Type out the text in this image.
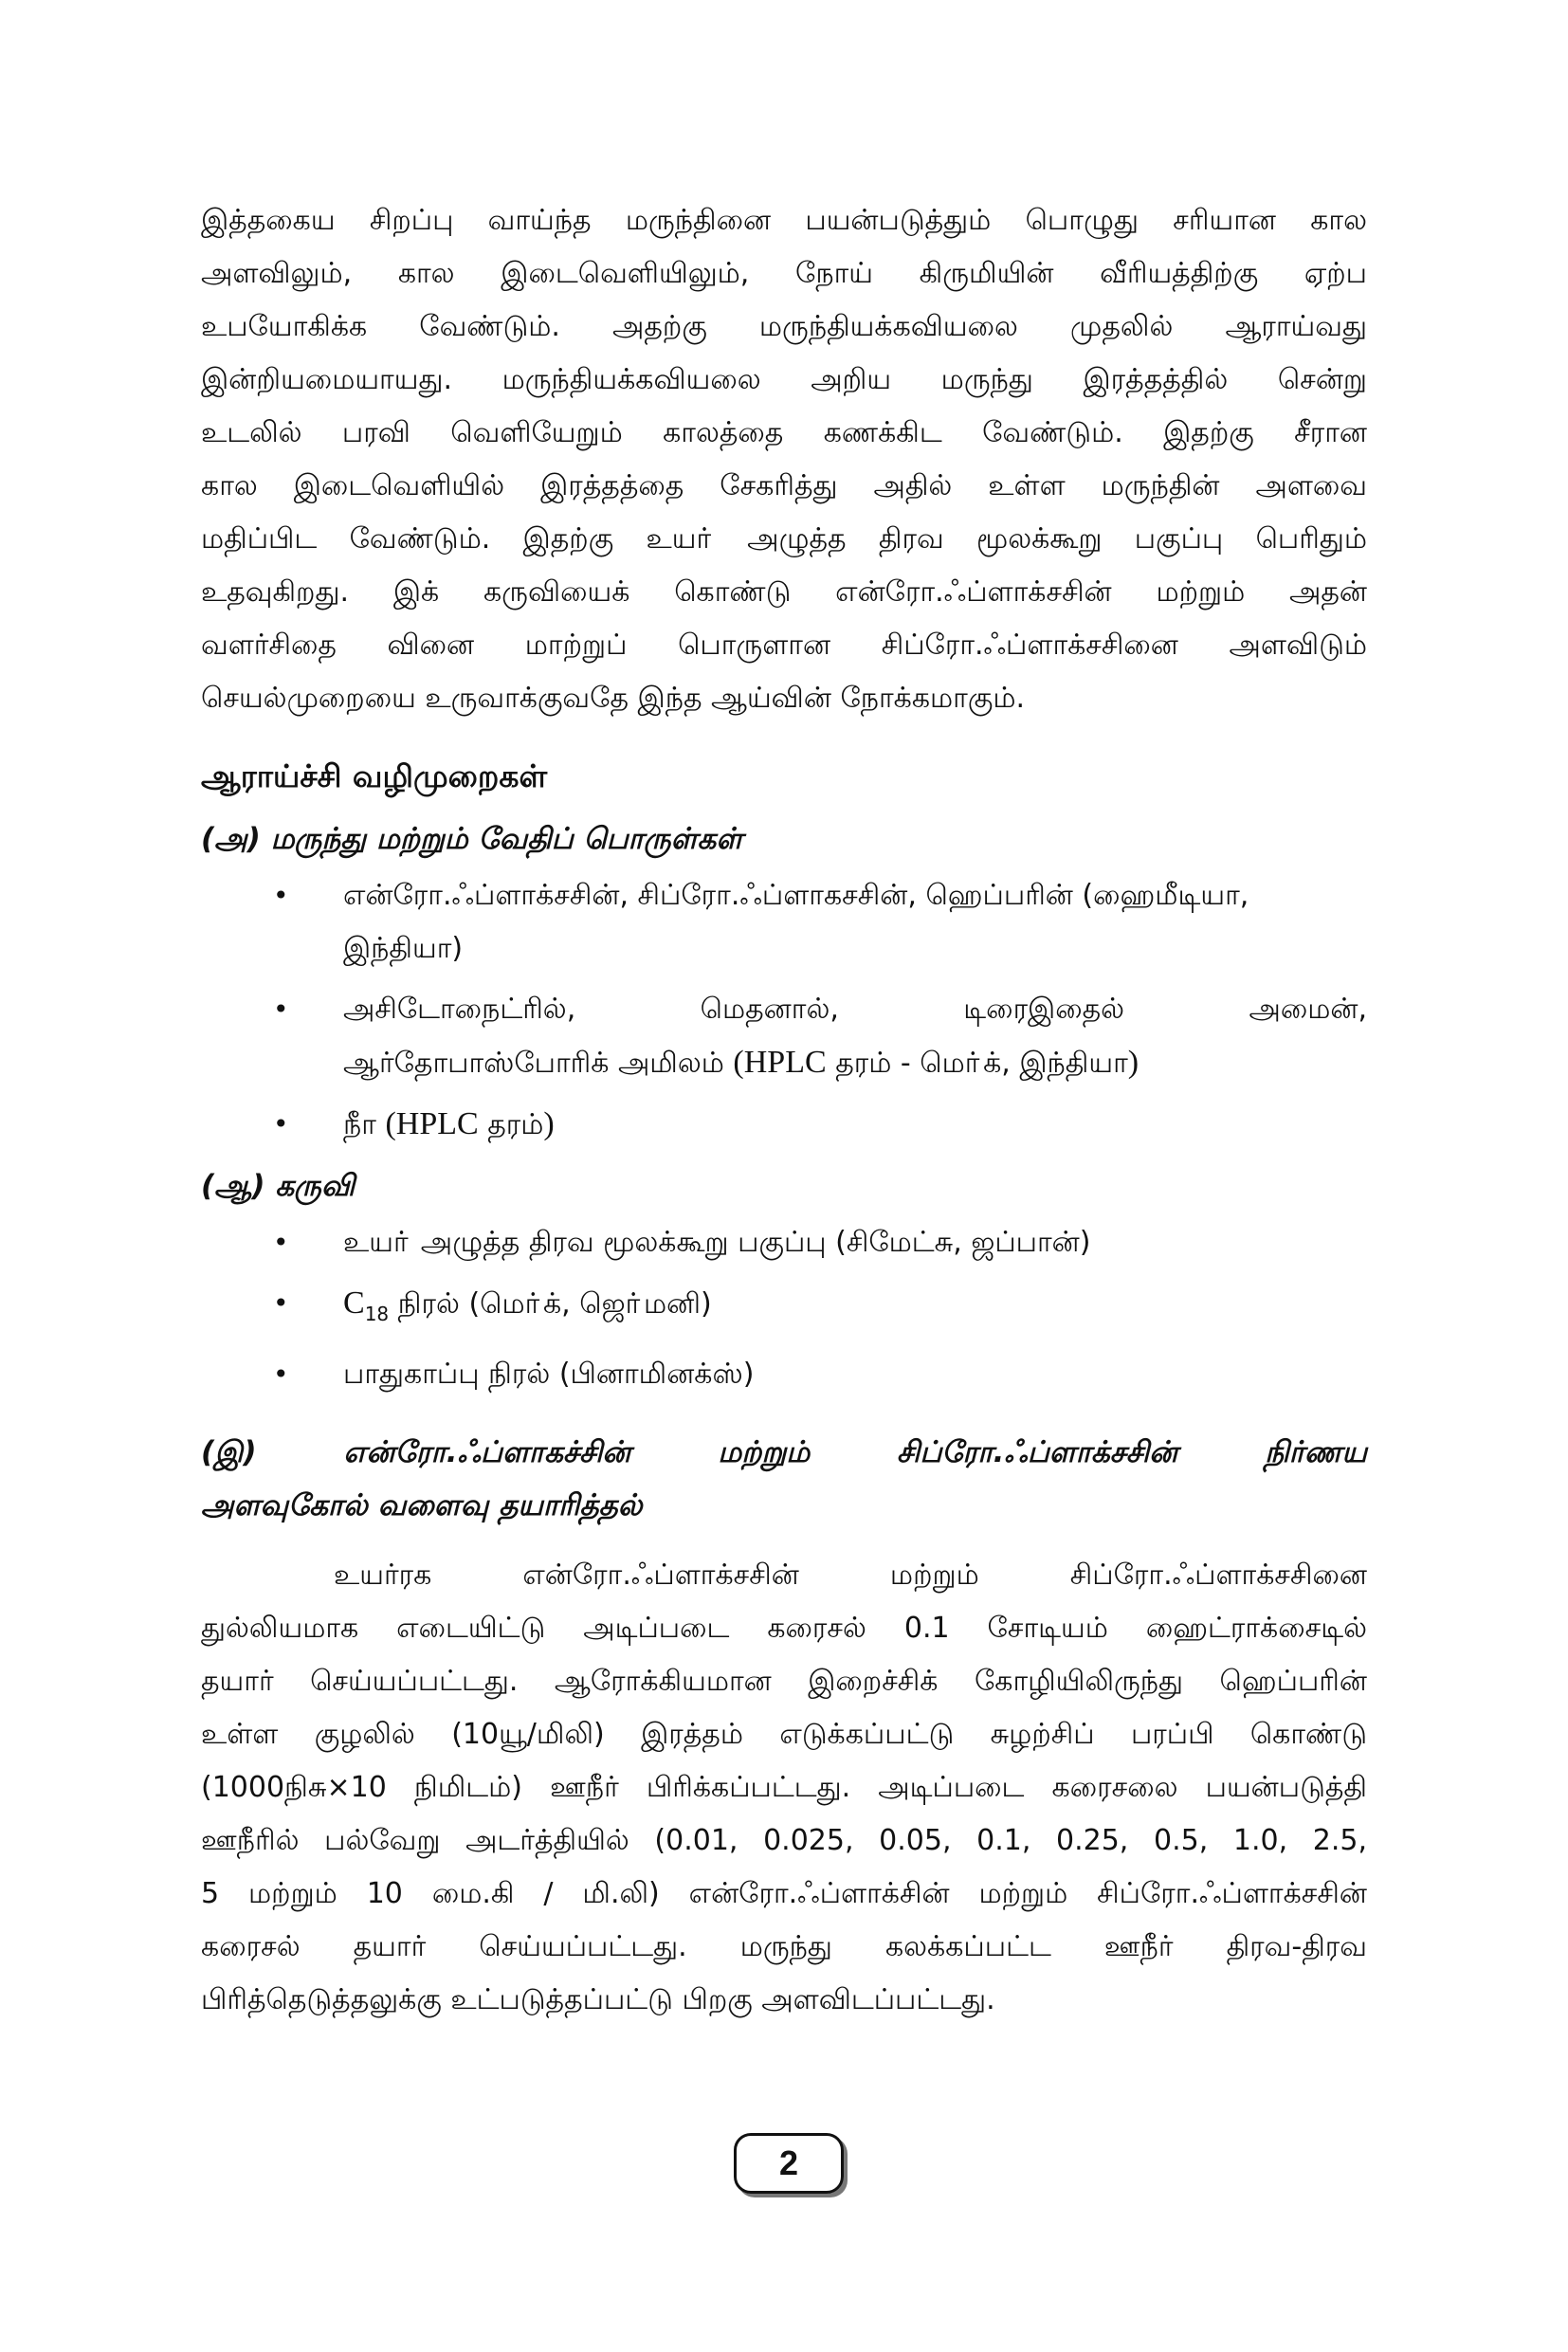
இத்தகைய சிறப்பு வாய்ந்த மருந்தினை பயன்படுத்தும் பொழுது சரியான கால
அளவிலும், கால இடைவெளியிலும், நோய் கிருமியின் வீரியத்திற்கு ஏற்ப
உபயோகிக்க வேண்டும். அதற்கு மருந்தியக்கவியலை முதலில் ஆராய்வது
இன்றியமையாயது. மருந்தியக்கவியலை அறிய மருந்து இரத்தத்தில் சென்று
உடலில் பரவி வெளியேறும் காலத்தை கணக்கிட வேண்டும். இதற்கு சீரான
கால இடைவெளியில் இரத்தத்தை சேகரித்து அதில் உள்ள மருந்தின் அளவை
மதிப்பிட வேண்டும். இதற்கு உயா் அழுத்த திரவ மூலக்கூறு பகுப்பு பெரிதும்
உதவுகிறது. இக் கருவியைக் கொண்டு என்ரோ.ஃப்ளாக்சசின் மற்றும் அதன்
வளர்சிதை வினை மாற்றுப் பொருளான சிப்ரோ.ஃப்ளாக்சசினை அளவிடும்
செயல்முறையை உருவாக்குவதே இந்த ஆய்வின் நோக்கமாகும்.

ஆராய்ச்சி வழிமுறைகள்
(அ) மருந்து மற்றும் வேதிப் பொருள்கள்
• என்ரோ.ஃப்ளாக்சசின், சிப்ரோ.ஃப்ளாகசசின், ஹெப்பரின் (ஹைமீடியா,
இந்தியா)
• அசிடோநைட்ரில், மெதனால், டிரைஇதைல் அமைன்,
ஆர்தோபாஸ்போரிக் அமிலம் (HPLC தரம் - மொ்க், இந்தியா)
• நீா (HPLC தரம்)
(ஆ) கருவி
• உயா் அழுத்த திரவ மூலக்கூறு பகுப்பு (சிமேட்சு, ஜப்பான்)
• $C_{18}$ நிரல் (மொ்க், ஜொ்மனி)
• பாதுகாப்பு நிரல் (பினாமினக்ஸ்)
(இ) என்ரோ.ஃப்ளாகச்சின் மற்றும் சிப்ரோ.ஃப்ளாக்சசின் நிர்ணய
அளவுகோல் வளைவு தயாரித்தல்

உயர்ரக என்ரோ.ஃப்ளாக்சசின் மற்றும் சிப்ரோ.ஃப்ளாக்சசினை
துல்லியமாக எடையிட்டு அடிப்படை கரைசல் 0.1 சோடியம் ஹைட்ராக்சைடில்
தயார் செய்யப்பட்டது. ஆரோக்கியமான இறைச்சிக் கோழியிலிருந்து ஹெப்பரின்
உள்ள குழலில் (10யூ/மிலி) இரத்தம் எடுக்கப்பட்டு சுழற்சிப் பரப்பி கொண்டு
(1000நிசு×10 நிமிடம்) ஊநீர் பிரிக்கப்பட்டது. அடிப்படை கரைசலை பயன்படுத்தி
ஊநீரில் பல்வேறு அடர்த்தியில் (0.01, 0.025, 0.05, 0.1, 0.25, 0.5, 1.0, 2.5,
5 மற்றும் 10 மை.கி / மி.லி) என்ரோ.ஃப்ளாக்சின் மற்றும் சிப்ரோ.ஃப்ளாக்சசின்
கரைசல் தயார் செய்யப்பட்டது. மருந்து கலக்கப்பட்ட ஊநீர் திரவ-திரவ
பிரித்தெடுத்தலுக்கு உட்படுத்தப்பட்டு பிறகு அளவிடப்பட்டது.

2
